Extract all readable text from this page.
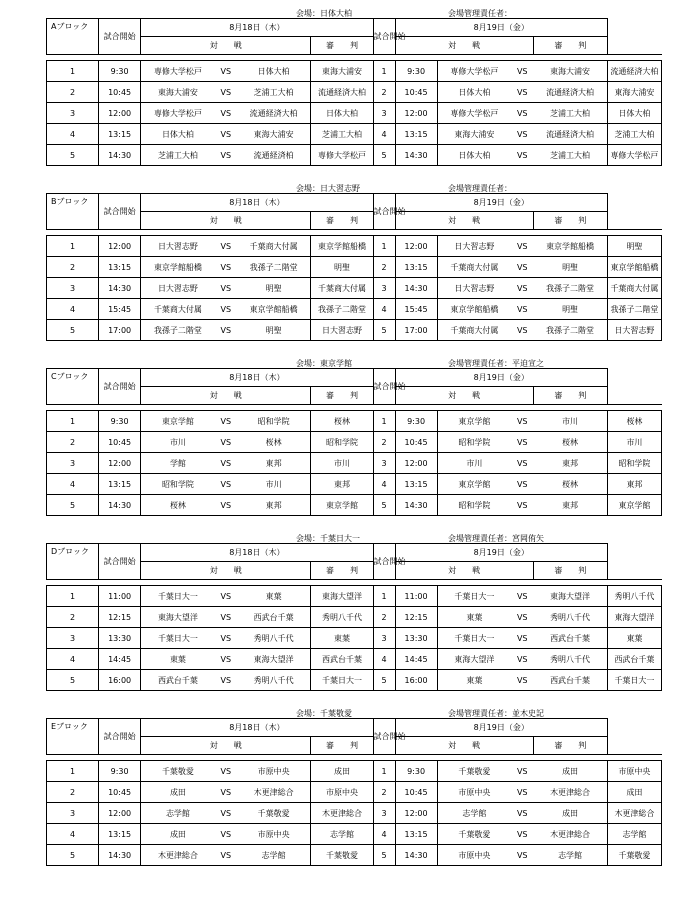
会場：日体大柏	会場管理責任者：
Aブロック	試合開始	8月18日（木）				試合開始	8月19日（金）				
		対　　戦			審　　判		対　　戦			審　　判	

1	9:30	専修大学松戸	VS	日体大柏	東海大浦安	1	9:30	専修大学松戸	VS	東海大浦安	流通経済大柏
2	10:45	東海大浦安	VS	芝浦工大柏	流通経済大柏	2	10:45	日体大柏	VS	流通経済大柏	東海大浦安
3	12:00	専修大学松戸	VS	流通経済大柏	日体大柏	3	12:00	専修大学松戸	VS	芝浦工大柏	日体大柏
4	13:15	日体大柏	VS	東海大浦安	芝浦工大柏	4	13:15	東海大浦安	VS	流通経済大柏	芝浦工大柏
5	14:30	芝浦工大柏	VS	流通経済柏	専修大学松戸	5	14:30	日体大柏	VS	芝浦工大柏	専修大学松戸
会場：日大習志野	会場管理責任者：
Bブロック	試合開始	8月18日（木）				試合開始	8月19日（金）				
		対　　戦			審　　判		対　　戦			審　　判	

1	12:00	日大習志野	VS	千葉商大付属	東京学館船橋	1	12:00	日大習志野	VS	東京学館船橋	明聖
2	13:15	東京学館船橋	VS	我孫子二階堂	明聖	2	13:15	千葉商大付属	VS	明聖	東京学館船橋
3	14:30	日大習志野	VS	明聖	千葉商大付属	3	14:30	日大習志野	VS	我孫子二階堂	千葉商大付属
4	15:45	千葉商大付属	VS	東京学館船橋	我孫子二階堂	4	15:45	東京学館船橋	VS	明聖	我孫子二階堂
5	17:00	我孫子二階堂	VS	明聖	日大習志野	5	17:00	千葉商大付属	VS	我孫子二階堂	日大習志野
会場：東京学館	会場管理責任者：平迫宣之
Cブロック	試合開始	8月18日（木）				試合開始	8月19日（金）				
		対　　戦			審　　判		対　　戦			審　　判	

1	9:30	東京学館	VS	昭和学院	桜林	1	9:30	東京学館	VS	市川	桜林
2	10:45	市川	VS	桜林	昭和学院	2	10:45	昭和学院	VS	桜林	市川
3	12:00	学館	VS	東邦	市川	3	12:00	市川	VS	東邦	昭和学院
4	13:15	昭和学院	VS	市川	東邦	4	13:15	東京学館	VS	桜林	東邦
5	14:30	桜林	VS	東邦	東京学館	5	14:30	昭和学院	VS	東邦	東京学館
会場：千葉日大一	会場管理責任者：宮岡侑矢
Dブロック	試合開始	8月18日（木）				試合開始	8月19日（金）				
		対　　戦			審　　判		対　　戦			審　　判	

1	11:00	千葉日大一	VS	東葉	東海大望洋	1	11:00	千葉日大一	VS	東海大望洋	秀明八千代
2	12:15	東海大望洋	VS	西武台千葉	秀明八千代	2	12:15	東葉	VS	秀明八千代	東海大望洋
3	13:30	千葉日大一	VS	秀明八千代	東葉	3	13:30	千葉日大一	VS	西武台千葉	東葉
4	14:45	東葉	VS	東海大望洋	西武台千葉	4	14:45	東海大望洋	VS	秀明八千代	西武台千葉
5	16:00	西武台千葉	VS	秀明八千代	千葉日大一	5	16:00	東葉	VS	西武台千葉	千葉日大一
会場：千葉敬愛	会場管理責任者：並木史記
Eブロック	試合開始	8月18日（木）				試合開始	8月19日（金）				
		対　　戦			審　　判		対　　戦			審　　判	

1	9:30	千葉敬愛	VS	市原中央	成田	1	9:30	千葉敬愛	VS	成田	市原中央
2	10:45	成田	VS	木更津総合	市原中央	2	10:45	市原中央	VS	木更津総合	成田
3	12:00	志学館	VS	千葉敬愛	木更津総合	3	12:00	志学館	VS	成田	木更津総合
4	13:15	成田	VS	市原中央	志学館	4	13:15	千葉敬愛	VS	木更津総合	志学館
5	14:30	木更津総合	VS	志学館	千葉敬愛	5	14:30	市原中央	VS	志学館	千葉敬愛
